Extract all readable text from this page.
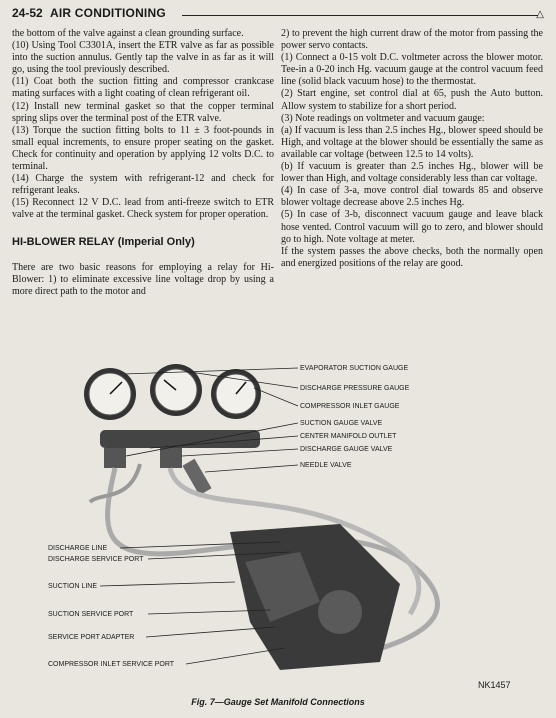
24-52 AIR CONDITIONING	△

the bottom of the valve against a clean grounding surface.

(10) Using Tool C3301A, insert the ETR valve as far as possible into the suction annulus. Gently tap the valve in as far as it will go, using the tool previously described.

(11) Coat both the suction fitting and compressor crankcase mating surfaces with a light coating of clean refrigerant oil.

(12) Install new terminal gasket so that the copper terminal spring slips over the terminal post of the ETR valve.

(13) Torque the suction fitting bolts to 11 ± 3 foot-pounds in small equal increments, to ensure proper seating on the gasket. Check for continuity and operation by applying 12 volts D.C. to terminal.

(14) Charge the system with refrigerant-12 and check for refrigerant leaks.

(15) Reconnect 12 V D.C. lead from anti-freeze switch to ETR valve at the terminal gasket. Check system for proper operation.

HI-BLOWER RELAY (Imperial Only)

There are two basic reasons for employing a relay for Hi-Blower: 1) to eliminate excessive line voltage drop by using a more direct path to the motor and

2) to prevent the high current draw of the motor from passing the power servo contacts.

(1) Connect a 0-15 volt D.C. voltmeter across the blower motor. Tee-in a 0-20 inch Hg. vacuum gauge at the control vacuum feed line (solid black vacuum hose) to the thermostat.

(2) Start engine, set control dial at 65, push the Auto button. Allow system to stabilize for a short period.

(3) Note readings on voltmeter and vacuum gauge:

(a) If vacuum is less than 2.5 inches Hg., blower speed should be High, and voltage at the blower should be essentially the same as available car voltage (between 12.5 to 14 volts).

(b) If vacuum is greater than 2.5 inches Hg., blower will be lower than High, and voltage considerably less than car voltage.

(4) In case of 3-a, move control dial towards 85 and observe blower voltage decrease above 2.5 inches Hg.

(5) In case of 3-b, disconnect vacuum gauge and leave black hose vented. Control vacuum will go to zero, and blower should go to high. Note voltage at meter.

If the system passes the above checks, both the normally open and energized positions of the relay are good.

EVAPORATOR SUCTION GAUGE
DISCHARGE PRESSURE GAUGE
COMPRESSOR INLET GAUGE
SUCTION GAUGE VALVE
CENTER MANIFOLD OUTLET
DISCHARGE GAUGE VALVE
NEEDLE VALVE
DISCHARGE LINE
DISCHARGE SERVICE PORT
SUCTION LINE
SUCTION SERVICE PORT
SERVICE PORT ADAPTER
COMPRESSOR INLET SERVICE PORT
NK1457
Fig. 7—Gauge Set Manifold Connections
